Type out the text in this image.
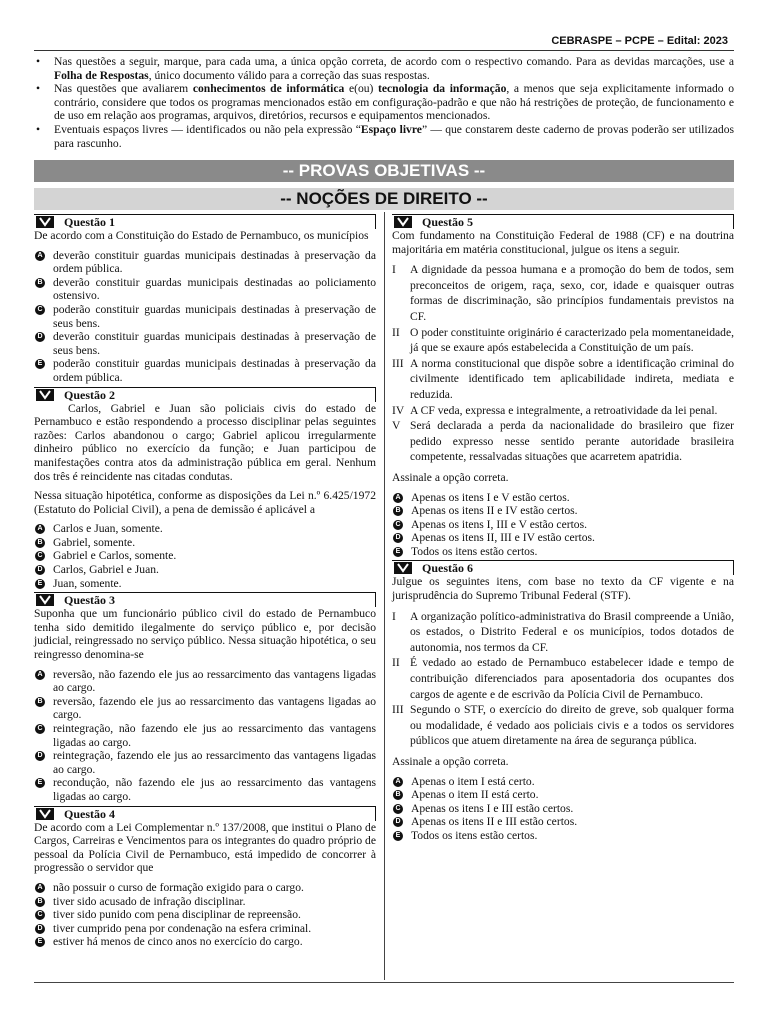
CEBRASPE – PCPE – Edital: 2023
• Nas questões a seguir, marque, para cada uma, a única opção correta, de acordo com o respectivo comando. Para as devidas marcações, use a Folha de Respostas, único documento válido para a correção das suas respostas.
• Nas questões que avaliarem conhecimentos de informática e(ou) tecnologia da informação, a menos que seja explicitamente informado o contrário, considere que todos os programas mencionados estão em configuração-padrão e que não há restrições de proteção, de funcionamento e de uso em relação aos programas, arquivos, diretórios, recursos e equipamentos mencionados.
• Eventuais espaços livres — identificados ou não pela expressão “Espaço livre” — que constarem deste caderno de provas poderão ser utilizados para rascunho.
-- PROVAS OBJETIVAS --
-- NOÇÕES DE DIREITO --
Questão 1

De acordo com a Constituição do Estado de Pernambuco, os municípios

A deverão constituir guardas municipais destinadas à preservação da ordem pública.
B deverão constituir guardas municipais destinadas ao policiamento ostensivo.
C poderão constituir guardas municipais destinadas à preservação de seus bens.
D deverão constituir guardas municipais destinadas à preservação de seus bens.
E poderão constituir guardas municipais destinadas à preservação da ordem pública.
Questão 2

Carlos, Gabriel e Juan são policiais civis do estado de Pernambuco e estão respondendo a processo disciplinar pelas seguintes razões: Carlos abandonou o cargo; Gabriel aplicou irregularmente dinheiro público no exercício da função; e Juan participou de manifestações contra atos da administração pública em geral. Nenhum dos três é reincidente nas citadas condutas.

Nessa situação hipotética, conforme as disposições da Lei n.º 6.425/1972 (Estatuto do Policial Civil), a pena de demissão é aplicável a

A Carlos e Juan, somente.
B Gabriel, somente.
C Gabriel e Carlos, somente.
D Carlos, Gabriel e Juan.
E Juan, somente.
Questão 3

Suponha que um funcionário público civil do estado de Pernambuco tenha sido demitido ilegalmente do serviço público e, por decisão judicial, reingressado no serviço público. Nessa situação hipotética, o seu reingresso denomina-se

A reversão, não fazendo ele jus ao ressarcimento das vantagens ligadas ao cargo.
B reversão, fazendo ele jus ao ressarcimento das vantagens ligadas ao cargo.
C reintegração, não fazendo ele jus ao ressarcimento das vantagens ligadas ao cargo.
D reintegração, fazendo ele jus ao ressarcimento das vantagens ligadas ao cargo.
E recondução, não fazendo ele jus ao ressarcimento das vantagens ligadas ao cargo.
Questão 4

De acordo com a Lei Complementar n.º 137/2008, que institui o Plano de Cargos, Carreiras e Vencimentos para os integrantes do quadro próprio de pessoal da Polícia Civil de Pernambuco, está impedido de concorrer à progressão o servidor que

A não possuir o curso de formação exigido para o cargo.
B tiver sido acusado de infração disciplinar.
C tiver sido punido com pena disciplinar de repreensão.
D tiver cumprido pena por condenação na esfera criminal.
E estiver há menos de cinco anos no exercício do cargo.
Questão 5

Com fundamento na Constituição Federal de 1988 (CF) e na doutrina majoritária em matéria constitucional, julgue os itens a seguir.

I A dignidade da pessoa humana e a promoção do bem de todos, sem preconceitos de origem, raça, sexo, cor, idade e quaisquer outras formas de discriminação, são princípios fundamentais previstos na CF.
II O poder constituinte originário é caracterizado pela momentaneidade, já que se exaure após estabelecida a Constituição de um país.
III A norma constitucional que dispõe sobre a identificação criminal do civilmente identificado tem aplicabilidade indireta, mediata e reduzida.
IV A CF veda, expressa e integralmente, a retroatividade da lei penal.
V Será declarada a perda da nacionalidade do brasileiro que fizer pedido expresso nesse sentido perante autoridade brasileira competente, ressalvadas situações que acarretem apatridia.

Assinale a opção correta.

A Apenas os itens I e V estão certos.
B Apenas os itens II e IV estão certos.
C Apenas os itens I, III e V estão certos.
D Apenas os itens II, III e IV estão certos.
E Todos os itens estão certos.
Questão 6

Julgue os seguintes itens, com base no texto da CF vigente e na jurisprudência do Supremo Tribunal Federal (STF).

I A organização político-administrativa do Brasil compreende a União, os estados, o Distrito Federal e os municípios, todos dotados de autonomia, nos termos da CF.
II É vedado ao estado de Pernambuco estabelecer idade e tempo de contribuição diferenciados para aposentadoria dos ocupantes dos cargos de agente e de escrivão da Polícia Civil de Pernambuco.
III Segundo o STF, o exercício do direito de greve, sob qualquer forma ou modalidade, é vedado aos policiais civis e a todos os servidores públicos que atuem diretamente na área de segurança pública.

Assinale a opção correta.

A Apenas o item I está certo.
B Apenas o item II está certo.
C Apenas os itens I e III estão certos.
D Apenas os itens II e III estão certos.
E Todos os itens estão certos.
